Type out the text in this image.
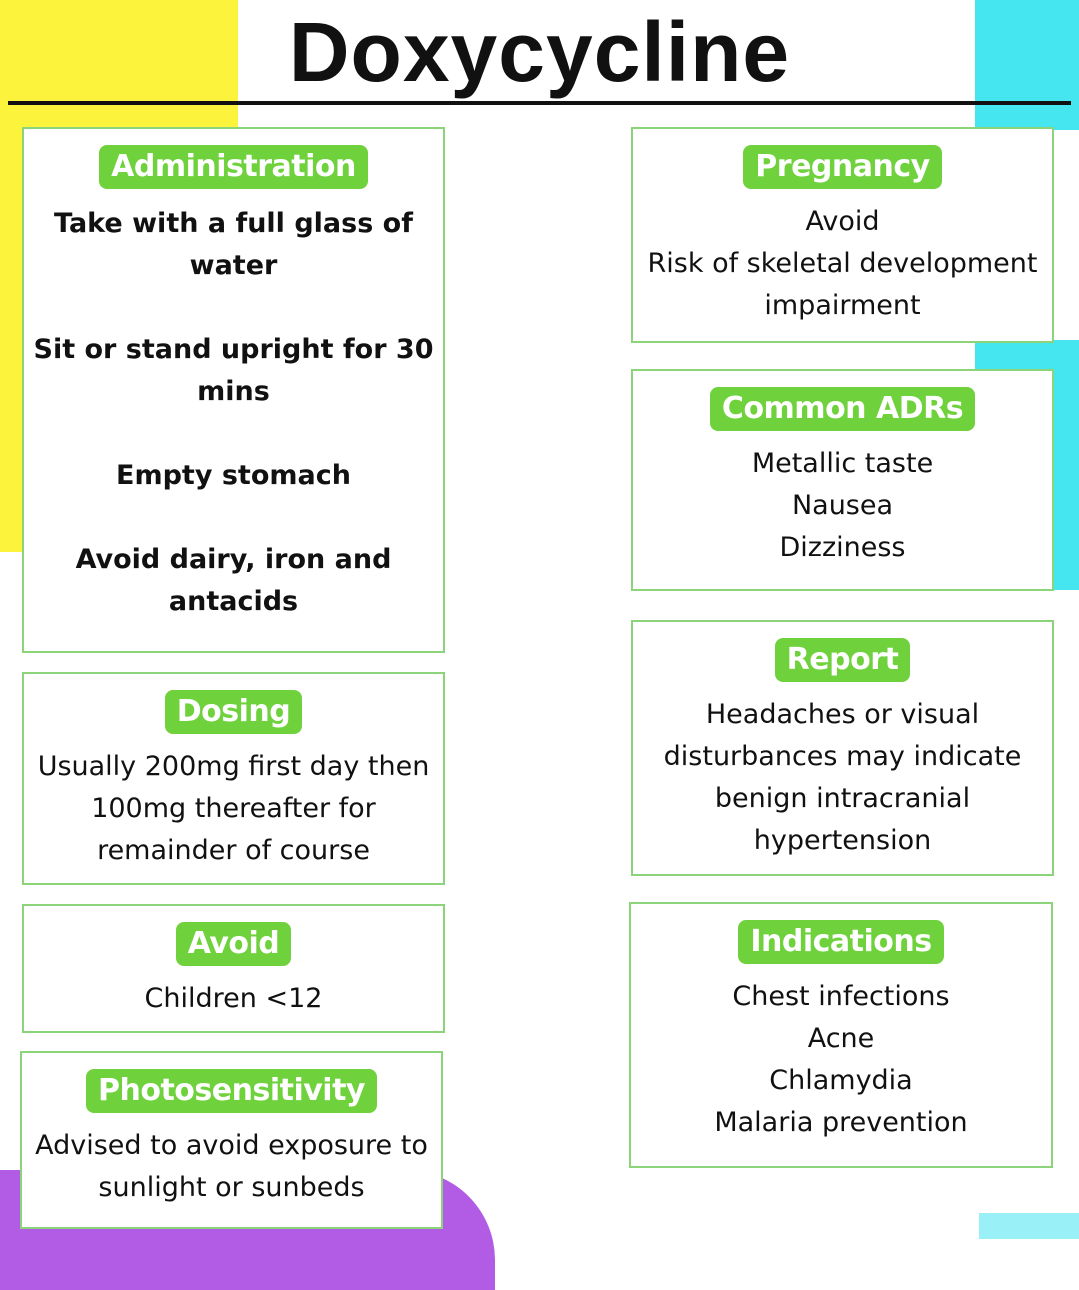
Doxycycline
Administration
Take with a full glass of
water
Sit or stand upright for 30
mins
Empty stomach
Avoid dairy, iron and
antacids
Dosing
Usually 200mg first day then
100mg thereafter for
remainder of course
Avoid
Children <12
Photosensitivity
Advised to avoid exposure to
sunlight or sunbeds
Pregnancy
Avoid
Risk of skeletal development
impairment
Common ADRs
Metallic taste
Nausea
Dizziness
Report
Headaches or visual
disturbances may indicate
benign intracranial
hypertension
Indications
Chest infections
Acne
Chlamydia
Malaria prevention
